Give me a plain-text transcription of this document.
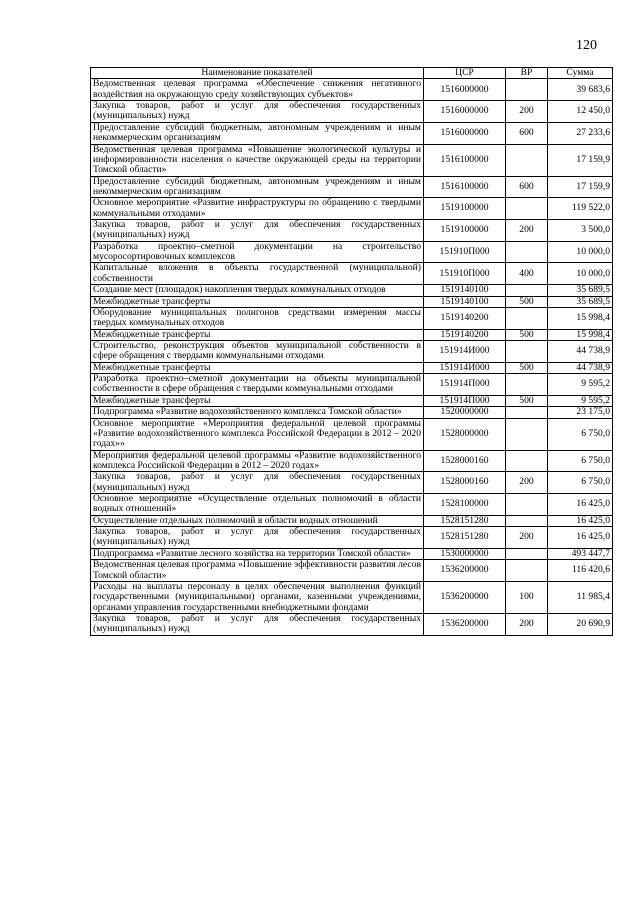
120
Наименование показателей	ЦСР	ВР	Сумма
Ведомственная целевая программа «Обеспечение снижения негативного воздействия на окружающую среду хозяйствующих субъектов»	1516000000		39 683,6
Закупка товаров, работ и услуг для обеспечения государственных (муниципальных) нужд	1516000000	200	12 450,0
Предоставление субсидий бюджетным, автономным учреждениям и иным некоммерческим организациям	1516000000	600	27 233,6
Ведомственная целевая программа «Повышение экологической культуры и информированности населения о качестве окружающей среды на территории Томской области»	1516100000		17 159,9
Предоставление субсидий бюджетным, автономным учреждениям и иным некоммерческим организациям	1516100000	600	17 159,9
Основное мероприятие «Развитие инфраструктуры по обращению с твердыми коммунальными отходами»	1519100000		119 522,0
Закупка товаров, работ и услуг для обеспечения государственных (муниципальных) нужд	1519100000	200	3 500,0
Разработка проектно–сметной документации на строительство мусоросортировочных комплексов	151910П000		10 000,0
Капитальные вложения в объекты государственной (муниципальной) собственности	151910П000	400	10 000,0
Создание мест (площадок) накопления твердых коммунальных отходов	1519140100		35 689,5
Межбюджетные трансферты	1519140100	500	35 689,5
Оборудование муниципальных полигонов средствами измерения массы твердых коммунальных отходов	1519140200		15 998,4
Межбюджетные трансферты	1519140200	500	15 998,4
Строительство, реконструкция объектов муниципальной собственности в сфере обращения с твердыми коммунальными отходами	151914И000		44 738,9
Межбюджетные трансферты	151914И000	500	44 738,9
Разработка проектно–сметной документации на объекты муниципальной собственности в сфере обращения с твердыми коммунальными отходами	151914П000		9 595,2
Межбюджетные трансферты	151914П000	500	9 595,2
Подпрограмма «Развитие водохозяйственного комплекса Томской области»	1520000000		23 175,0
Основное мероприятие «Мероприятия федеральной целевой программы «Развитие водохозяйственного комплекса Российской Федерации в 2012 – 2020 годах»»	1528000000		6 750,0
Мероприятия федеральной целевой программы «Развитие водохозяйственного комплекса Российской Федерации в 2012 – 2020 годах»	1528000160		6 750,0
Закупка товаров, работ и услуг для обеспечения государственных (муниципальных) нужд	1528000160	200	6 750,0
Основное мероприятие «Осуществление отдельных полномочий в области водных отношений»	1528100000		16 425,0
Осуществление отдельных полномочий в области водных отношений	1528151280		16 425,0
Закупка товаров, работ и услуг для обеспечения государственных (муниципальных) нужд	1528151280	200	16 425,0
Подпрограмма «Развитие лесного хозяйства на территории Томской области»	1530000000		493 447,7
Ведомственная целевая программа «Повышение эффективности развития лесов Томской области»	1536200000		116 420,6
Расходы на выплаты персоналу в целях обеспечения выполнения функций государственными (муниципальными) органами, казенными учреждениями, органами управления государственными внебюджетными фондами	1536200000	100	11 985,4
Закупка товаров, работ и услуг для обеспечения государственных (муниципальных) нужд	1536200000	200	20 690,9
